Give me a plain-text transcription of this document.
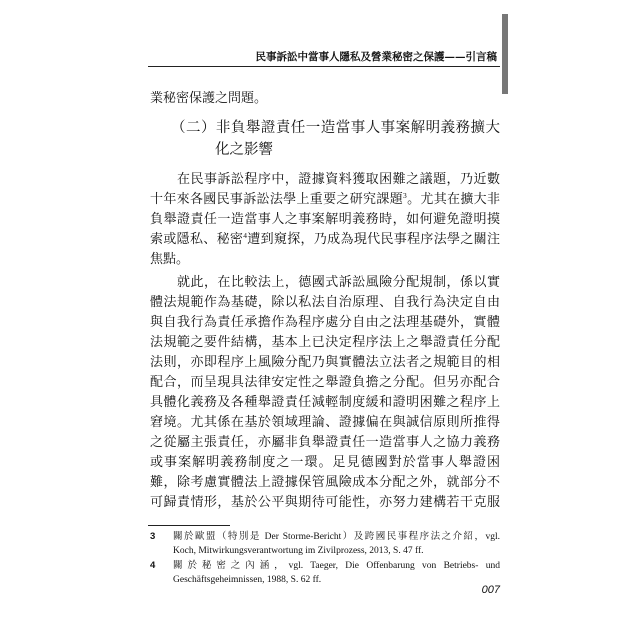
民事訴訟中當事人隱私及營業秘密之保護——引言稿
業秘密保護之問題。
（二）非負舉證責任一造當事人事案解明義務擴大
化之影響
在民事訴訟程序中，證據資料獲取困難之議題，乃近數
十年來各國民事訴訟法學上重要之研究課題$^3$。尤其在擴大非
負舉證責任一造當事人之事案解明義務時，如何避免證明摸
索或隱私、秘密$^4$遭到窺探，乃成為現代民事程序法學之關注
焦點。
就此，在比較法上，德國式訴訟風險分配規制，係以實
體法規範作為基礎，除以私法自治原理、自我行為決定自由
與自我行為責任承擔作為程序處分自由之法理基礎外，實體
法規範之要件結構，基本上已決定程序法上之舉證責任分配
法則，亦即程序上風險分配乃與實體法立法者之規範目的相
配合，而呈現具法律安定性之舉證負擔之分配。但另亦配合
具體化義務及各種舉證責任減輕制度緩和證明困難之程序上
窘境。尤其係在基於領域理論、證據偏在與誠信原則所推得
之從屬主張責任，亦屬非負舉證責任一造當事人之協力義務
或事案解明義務制度之一環。足見德國對於當事人舉證困
難，除考慮實體法上證據保管風險成本分配之外，就部分不
可歸責情形，基於公平與期待可能性，亦努力建構若干克服
3	關於歐盟（特別是 Der Storme-Bericht）及跨國民事程序法之介紹，vgl.
Koch, Mitwirkungsverantwortung im Zivilprozess, 2013, S. 47 ff.
4	關於秘密之內涵，vgl. Taeger, Die Offenbarung von Betriebs- und
Geschäftsgeheimnissen, 1988, S. 62 ff.
007
